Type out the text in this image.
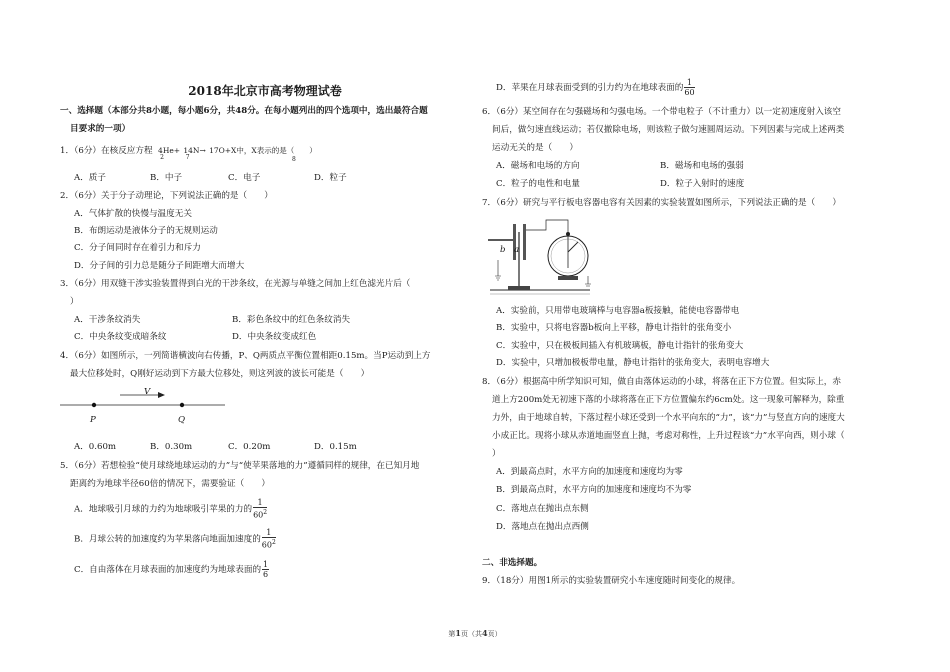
2018年北京市高考物理试卷
一、选择题（本部分共8小题，每小题6分，共48分。在每小题列出的四个选项中，选出最符合题
目要求的一项）
1．（6分）在核反应方程 $4He+_2$  $14N\to_7$  17O+X中，X表示的是（　　）
8
A．质子	B．中子	C．电子	D．粒子
2．（6分）关于分子动理论，下列说法正确的是（　　）
A．气体扩散的快慢与温度无关
B．布朗运动是液体分子的无规则运动
C．分子间同时存在着引力和斥力
D．分子间的引力总是随分子间距增大而增大
3．（6分）用双缝干涉实验装置得到白光的干涉条纹，在光源与单缝之间加上红色滤光片后（
）
A．干涉条纹消失	B．彩色条纹中的红色条纹消失
C．中央条纹变成暗条纹	D．中央条纹变成红色
4．（6分）如图所示，一列简谐横波向右传播，P、Q两质点平衡位置相距0.15m。当P运动到上方
最大位移处时，Q刚好运动到下方最大位移处，则这列波的波长可能是（　　）
V
P	Q
A．0.60m	B．0.30m	C．0.20m	D．0.15m
5．（6分）若想检验“使月球绕地球运动的力”与“使苹果落地的力”遵循同样的规律，在已知月地
距离约为地球半径60倍的情况下，需要验证（　　）
A．地球吸引月球的力约为地球吸引苹果的力的 $\frac{1}{60^2}$
B．月球公转的加速度约为苹果落向地面加速度的 $\frac{1}{60^2}$
C．自由落体在月球表面的加速度约为地球表面的 $\frac{1}{6}$
D．苹果在月球表面受到的引力约为在地球表面的 $\frac{1}{60}$
6．（6分）某空间存在匀强磁场和匀强电场。一个带电粒子（不计重力）以一定初速度射入该空
间后，做匀速直线运动；若仅撤除电场，则该粒子做匀速圆周运动。下列因素与完成上述两类
运动无关的是（　　）
A．磁场和电场的方向	B．磁场和电场的强弱
C．粒子的电性和电量	D．粒子入射时的速度
7．（6分）研究与平行板电容器电容有关因素的实验装置如图所示，下列说法正确的是（　　）
b a
A．实验前，只用带电玻璃棒与电容器a板接触，能使电容器带电
B．实验中，只将电容器b板向上平移，静电计指针的张角变小
C．实验中，只在极板间插入有机玻璃板，静电计指针的张角变大
D．实验中，只增加极板带电量，静电计指针的张角变大，表明电容增大
8．（6分）根据高中所学知识可知，做自由落体运动的小球，将落在正下方位置。但实际上，赤
道上方200m处无初速下落的小球将落在正下方位置偏东约6cm处。这一现象可解释为，除重
力外，由于地球自转，下落过程小球还受到一个水平向东的“力”，该“力”与竖直方向的速度大
小成正比。现将小球从赤道地面竖直上抛，考虑对称性，上升过程该“力”水平向西，则小球（
）
A．到最高点时，水平方向的加速度和速度均为零
B．到最高点时，水平方向的加速度和速度均不为零
C．落地点在抛出点东侧
D．落地点在抛出点西侧
二、非选择题。
9．（18分）用图1所示的实验装置研究小车速度随时间变化的规律。
第1页（共4页）
